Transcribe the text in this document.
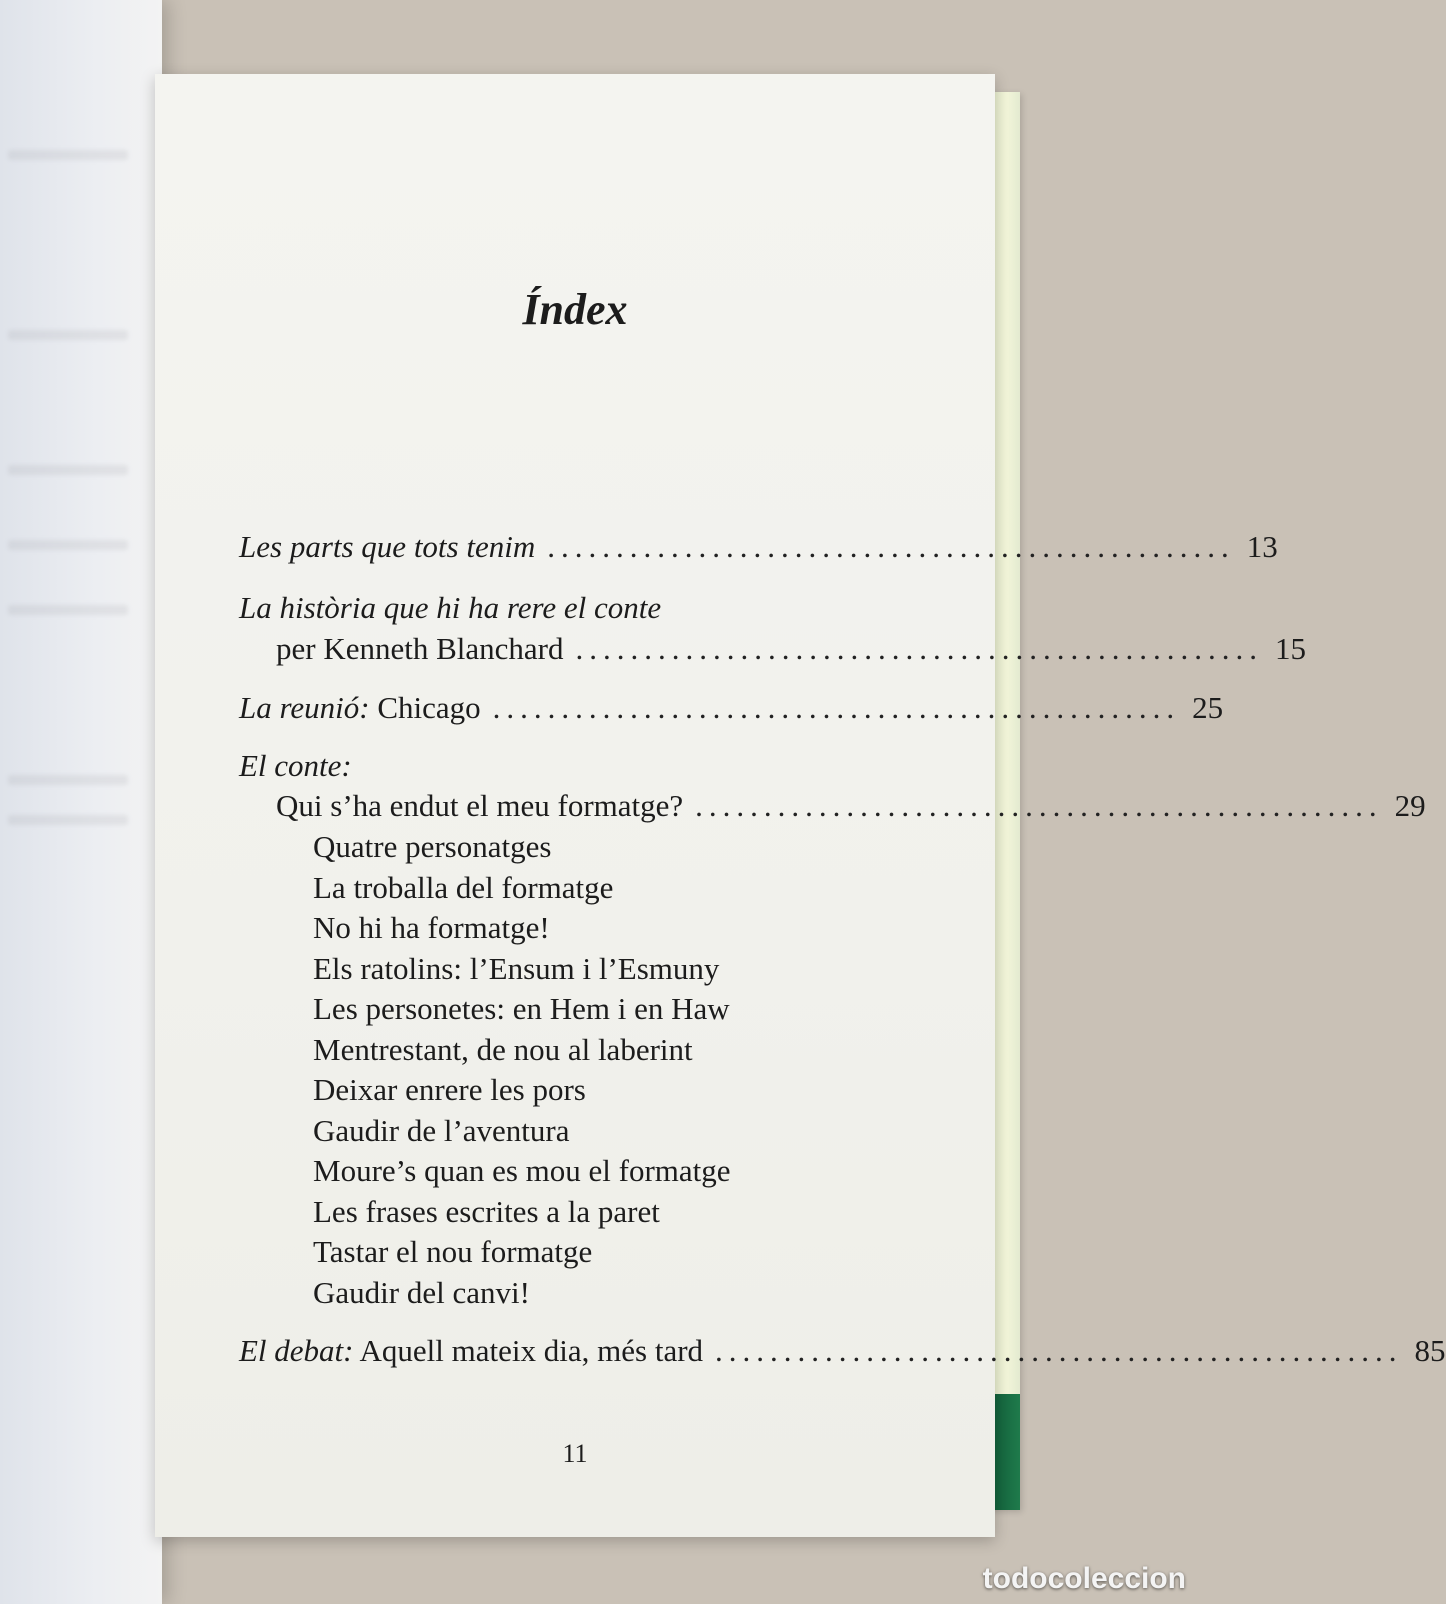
Índex
Les parts que tots tenim .................................................. 13
La història que hi ha rere el conte
per Kenneth Blanchard .................................................. 15
La reunió: Chicago .................................................. 25
El conte:
Qui s’ha endut el meu formatge? .................................................. 29
Quatre personatges
La troballa del formatge
No hi ha formatge!
Els ratolins: l’Ensum i l’Esmuny
Les personetes: en Hem i en Haw
Mentrestant, de nou al laberint
Deixar enrere les pors
Gaudir de l’aventura
Moure’s quan es mou el formatge
Les frases escrites a la paret
Tastar el nou formatge
Gaudir del canvi!
El debat: Aquell mateix dia, més tard .................................................. 85
11
todocoleccion
